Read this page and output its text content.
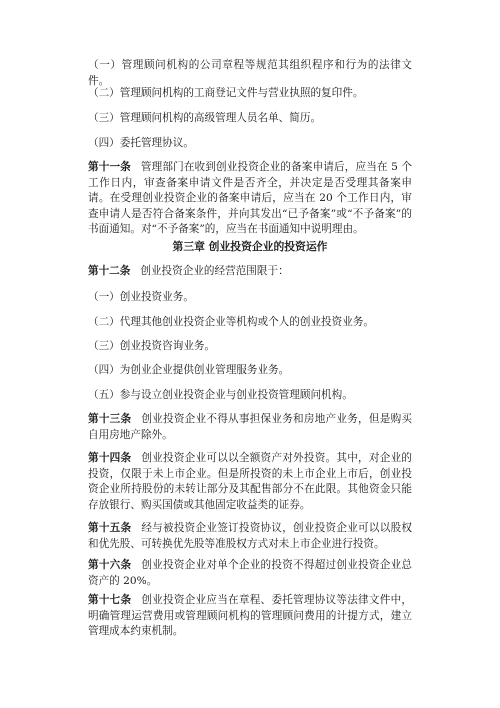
（一）管理顾问机构的公司章程等规范其组织程序和行为的法律文件。

（二）管理顾问机构的工商登记文件与营业执照的复印件。

（三）管理顾问机构的高级管理人员名单、简历。

（四）委托管理协议。

第十一条 管理部门在收到创业投资企业的备案申请后，应当在 5 个工作日内，审查备案申请文件是否齐全，并决定是否受理其备案申请。在受理创业投资企业的备案申请后，应当在 20 个工作日内，审查申请人是否符合备案条件，并向其发出“已予备案”或“不予备案”的书面通知。对“不予备案”的，应当在书面通知中说明理由。

第三章 创业投资企业的投资运作

第十二条 创业投资企业的经营范围限于：

（一）创业投资业务。

（二）代理其他创业投资企业等机构或个人的创业投资业务。

（三）创业投资咨询业务。

（四）为创业企业提供创业管理服务业务。

（五）参与设立创业投资企业与创业投资管理顾问机构。

第十三条 创业投资企业不得从事担保业务和房地产业务，但是购买自用房地产除外。

第十四条 创业投资企业可以以全额资产对外投资。其中，对企业的投资，仅限于未上市企业。但是所投资的未上市企业上市后，创业投资企业所持股份的未转让部分及其配售部分不在此限。其他资金只能存放银行、购买国债或其他固定收益类的证券。

第十五条 经与被投资企业签订投资协议，创业投资企业可以以股权和优先股、可转换优先股等准股权方式对未上市企业进行投资。

第十六条 创业投资企业对单个企业的投资不得超过创业投资企业总资产的 20%。

第十七条 创业投资企业应当在章程、委托管理协议等法律文件中，明确管理运营费用或管理顾问机构的管理顾问费用的计提方式，建立管理成本约束机制。
